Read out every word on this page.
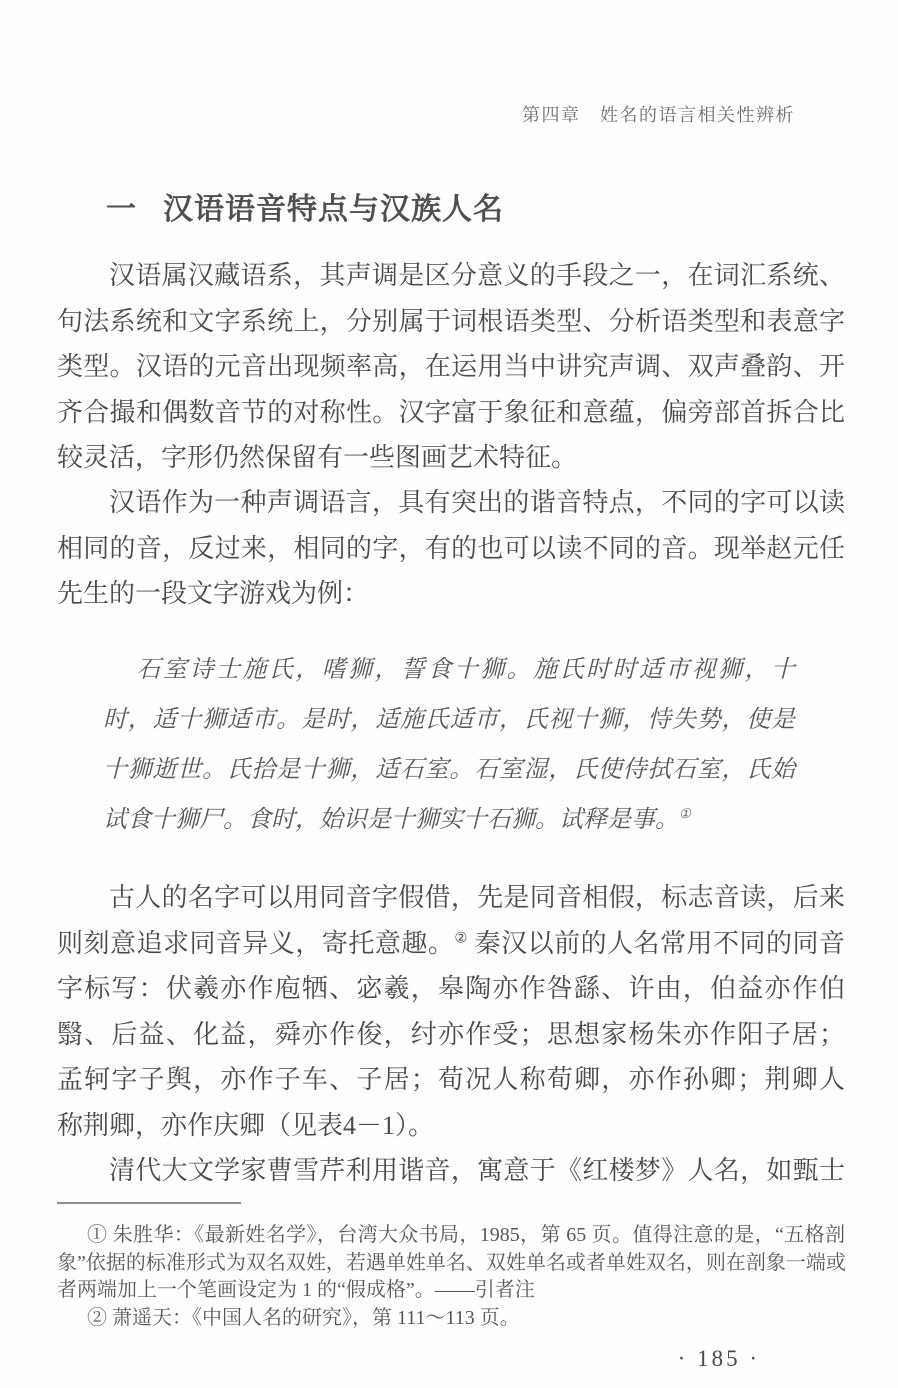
第四章　姓名的语言相关性辨析
一 汉语语音特点与汉族人名
汉语属汉藏语系，其声调是区分意义的手段之一，在词汇系统、
句法系统和文字系统上，分别属于词根语类型、分析语类型和表意字
类型。汉语的元音出现频率高，在运用当中讲究声调、双声叠韵、开
齐合撮和偶数音节的对称性。汉字富于象征和意蕴，偏旁部首拆合比
较灵活，字形仍然保留有一些图画艺术特征。
汉语作为一种声调语言，具有突出的谐音特点，不同的字可以读
相同的音，反过来，相同的字，有的也可以读不同的音。现举赵元任
先生的一段文字游戏为例：
石室诗士施氏，嗜狮，誓食十狮。施氏时时适市视狮，十
时，适十狮适市。是时，适施氏适市，氏视十狮，恃失势，使是
十狮逝世。氏拾是十狮，适石室。石室湿，氏使侍拭石室，氏始
试食十狮尸。食时，始识是十狮实十石狮。试释是事。①
古人的名字可以用同音字假借，先是同音相假，标志音读，后来
则刻意追求同音异义，寄托意趣。② 秦汉以前的人名常用不同的同音
字标写：伏羲亦作庖牺、宓羲，皋陶亦作咎繇、许由，伯益亦作伯
翳、后益、化益，舜亦作俊，纣亦作受；思想家杨朱亦作阳子居；
孟轲字子舆，亦作子车、子居；荀况人称荀卿，亦作孙卿；荆卿人
称荆卿，亦作庆卿（见表4－1）。
清代大文学家曹雪芹利用谐音，寓意于《红楼梦》人名，如甄士
① 朱胜华：《最新姓名学》，台湾大众书局，1985，第 65 页。值得注意的是，“五格剖
象”依据的标准形式为双名双姓，若遇单姓单名、双姓单名或者单姓双名，则在剖象一端或
者两端加上一个笔画设定为 1 的“假成格”。——引者注
② 萧遥天：《中国人名的研究》，第 111～113 页。
· 185 ·
